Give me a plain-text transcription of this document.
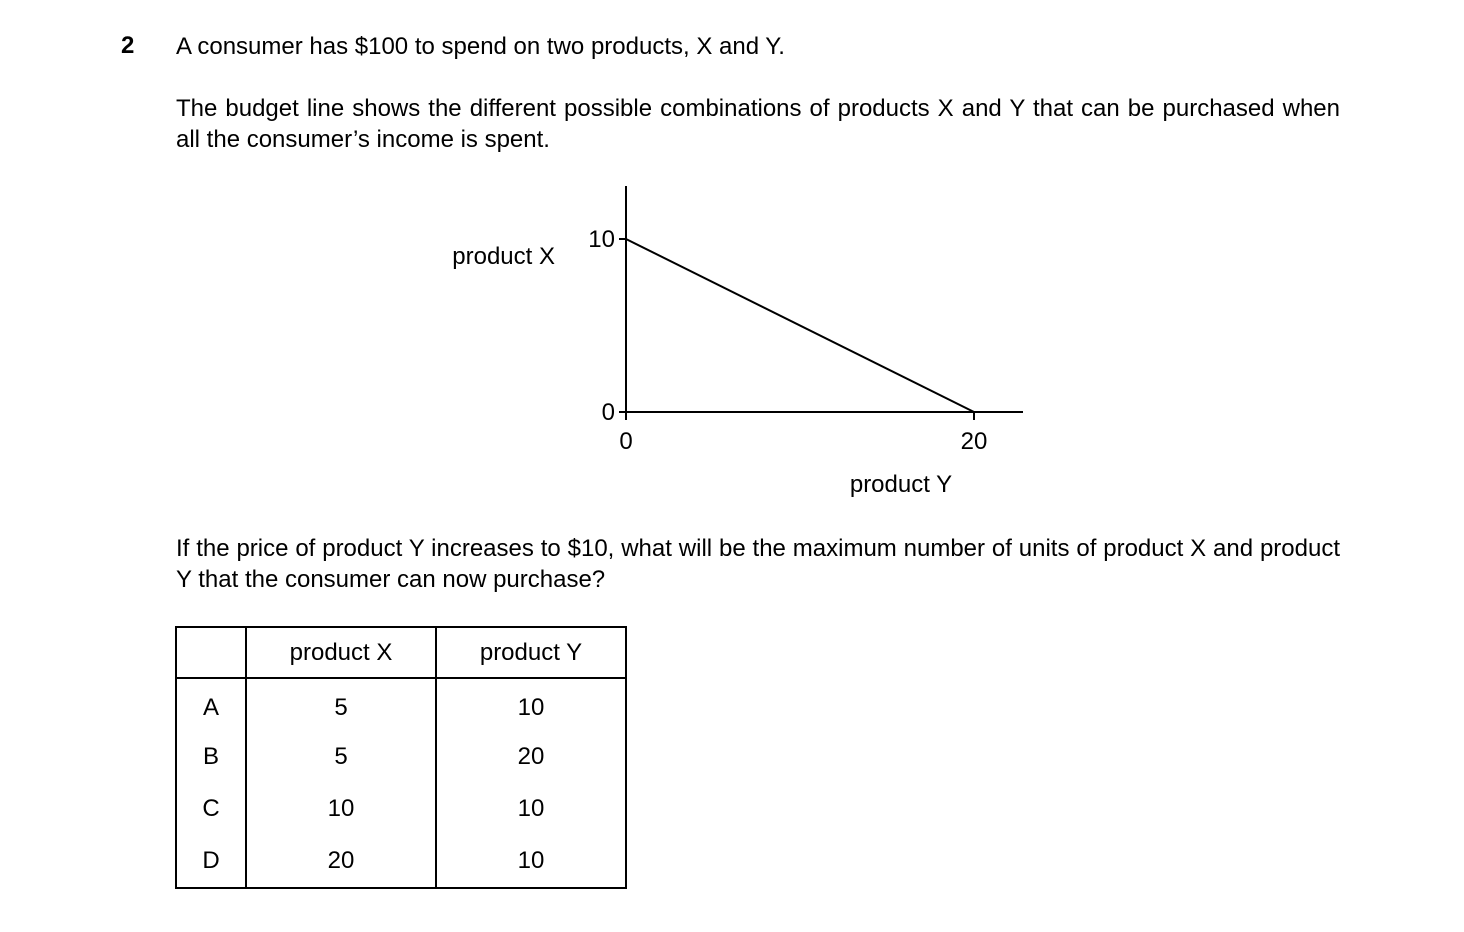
2 A consumer has $100 to spend on two products, X and Y.

The budget line shows the different possible combinations of products X and Y that can be purchased when all the consumer’s income is spent.

0
10
0	20
product X
product Y

If the price of product Y increases to $10, what will be the maximum number of units of product X and product Y that the consumer can now purchase?

	product X	product Y
A	5	10
B	5	20
C	10	10
D	20	10
